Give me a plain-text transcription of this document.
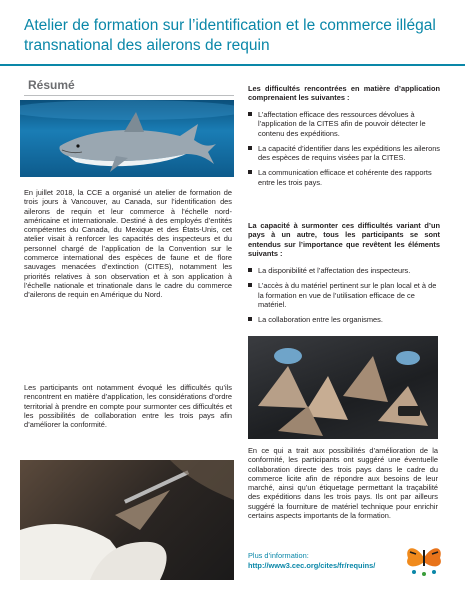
Atelier de formation sur l’identification et le commerce illégal transnational des ailerons de requin
Résumé

En juillet 2018, la CCE a organisé un atelier de formation de trois jours à Vancouver, au Canada, sur l’identification des ailerons de requin et leur commerce à l’échelle nord-américaine et internationale. Destiné à des employés d’entités compétentes du Canada, du Mexique et des États-Unis, cet atelier visait à renforcer les capacités des inspecteurs et du personnel chargé de l’application de la Convention sur le commerce international des espèces de faune et de flore sauvages menacées d’extinction (CITES), notamment les priorités relatives à son observation et à son application à l’échelle nationale et trinationale dans le cadre du commerce d’ailerons de requin en Amérique du Nord.

Les participants ont notamment évoqué les difficultés qu’ils rencontrent en matière d’application, les considérations d’ordre territorial à prendre en compte pour surmonter ces difficultés et les possibilités de collaboration entre les trois pays afin d’améliorer la conformité.

Les difficultés rencontrées en matière d’application comprenaient les suivantes :

L’affectation efficace des ressources dévolues à l’application de la CITES afin de pouvoir détecter le contenu des expéditions.
La capacité d’identifier dans les expéditions les ailerons des espèces de requins visées par la CITES.
La communication efficace et cohérente des rapports entre les trois pays.

La capacité à surmonter ces difficultés variant d’un pays à un autre, tous les participants se sont entendus sur l’importance que revêtent les éléments suivants :

La disponibilité et l’affectation des inspecteurs.
L’accès à du matériel pertinent sur le plan local et à de la formation en vue de l’utilisation efficace de ce matériel.
La collaboration entre les organismes.

En ce qui a trait aux possibilités d’amélioration de la conformité, les participants ont suggéré une éventuelle collaboration directe des trois pays dans le cadre du commerce licite afin de répondre aux besoins de leur marché, ainsi qu’un étiquetage permettant la traçabilité des expéditions dans les trois pays. Ils ont par ailleurs suggéré la fourniture de matériel technique pour enrichir certains aspects importants de la formation.

Plus d’information:

http://www3.cec.org/cites/fr/requins/
